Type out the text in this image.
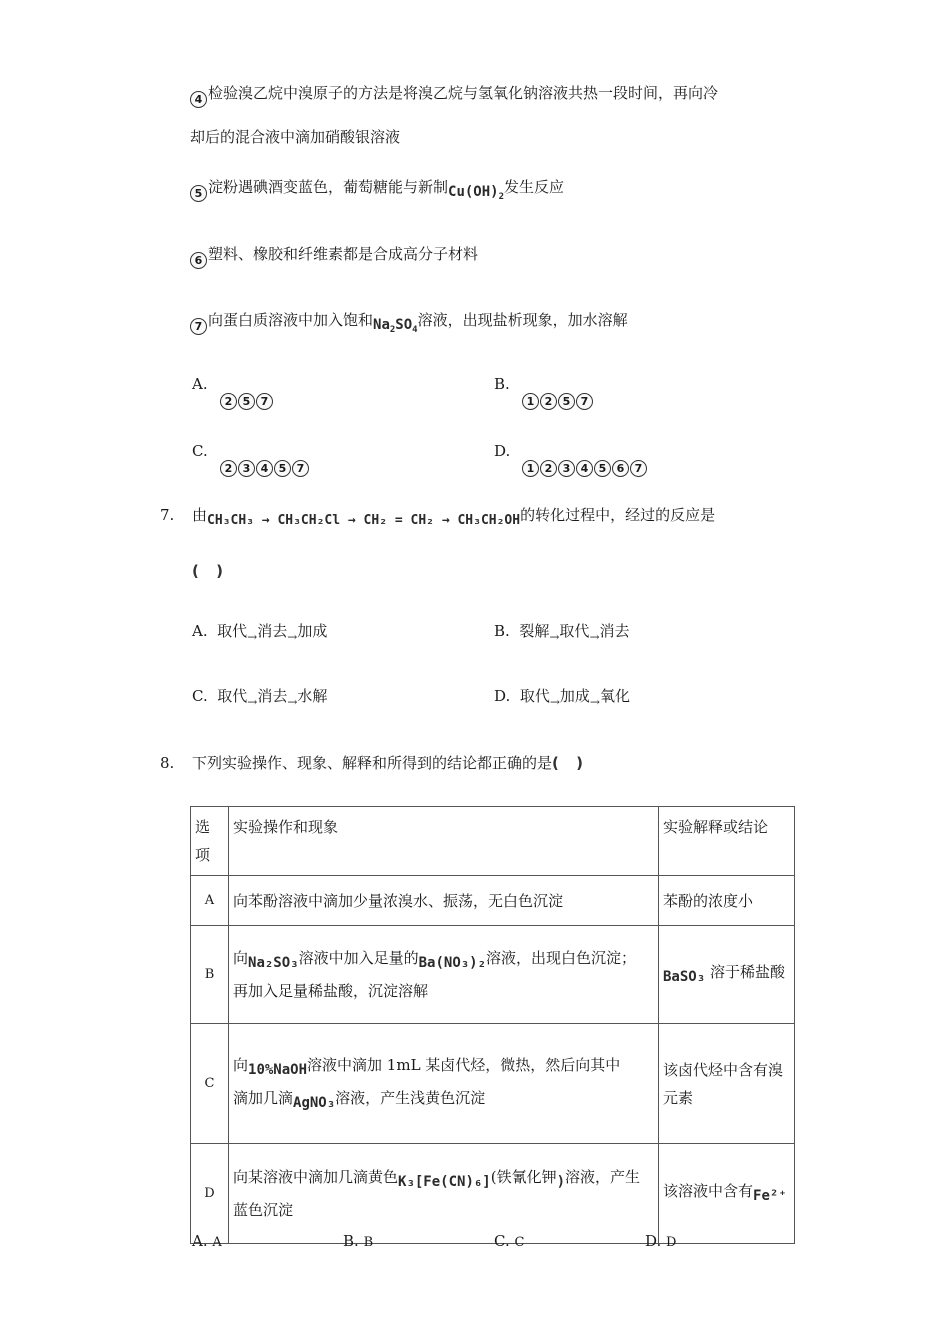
4 检验溴乙烷中溴原子的方法是将溴乙烷与氢氧化钠溶液共热一段时间，再向冷
却后的混合液中滴加硝酸银溶液
5 淀粉遇碘酒变蓝色，葡萄糖能与新制$Cu(OH)_2$发生反应
6 塑料、橡胶和纤维素都是合成高分子材料
7 向蛋白质溶液中加入饱和$Na_2SO_4$溶液，出现盐析现象，加水溶解
A.
2 5 7
B.
1 2 5 7
C.
2 3 4 5 7
D.
1 2 3 4 5 6 7
7. 由CH₃CH₃ → CH₃CH₂Cl → CH₂ = CH₂ → CH₃CH₂OH的转化过程中，经过的反应是
( )
A. 取代$_\to$消去$_\to$加成	B. 裂解$_\to$取代$_\to$消去
C. 取代$_\to$消去$_\to$水解	D. 取代$_\to$加成$_\to$氧化
8. 下列实验操作、现象、解释和所得到的结论都正确的是( )
选项	实验操作和现象	实验解释或结论
A	向苯酚溶液中滴加少量浓溴水、振荡，无白色沉淀	苯酚的浓度小
B	向Na₂SO₃溶液中加入足量的Ba(NO₃)₂溶液，出现白色沉淀；
再加入足量稀盐酸，沉淀溶解	BaSO₃ 溶于稀盐酸
C	向10%NaOH溶液中滴加 1mL 某卤代烃，微热，然后向其中
滴加几滴AgNO₃溶液，产生浅黄色沉淀	该卤代烃中含有溴
元素
D	向某溶液中滴加几滴黄色K₃[Fe(CN)₆](铁氰化钾)溶液，产生
蓝色沉淀	该溶液中含有Fe²⁺
A. A	B. B	C. C	D. D
